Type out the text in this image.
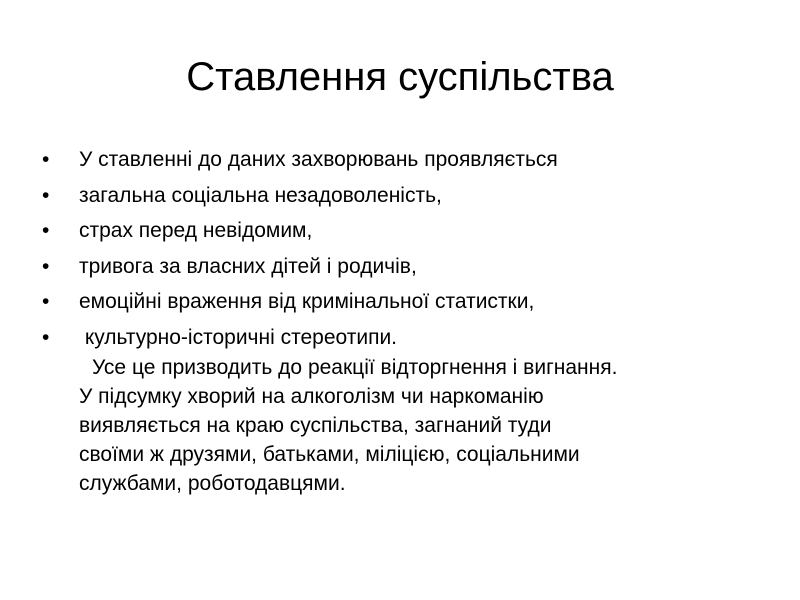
Ставлення суспільства
• У ставленні до даних захворювань проявляється
• загальна соціальна незадоволеність,
• страх перед невідомим,
• тривога за власних дітей і родичів,
• емоційні враження від кримінальної статистки,
• культурно-історичні стереотипи.

Усе це призводить до реакції відторгнення і вигнання.
У підсумку хворий на алкоголізм чи наркоманію
виявляється на краю суспільства, загнаний туди
своїми ж друзями, батьками, міліцією, соціальними
службами, роботодавцями.
